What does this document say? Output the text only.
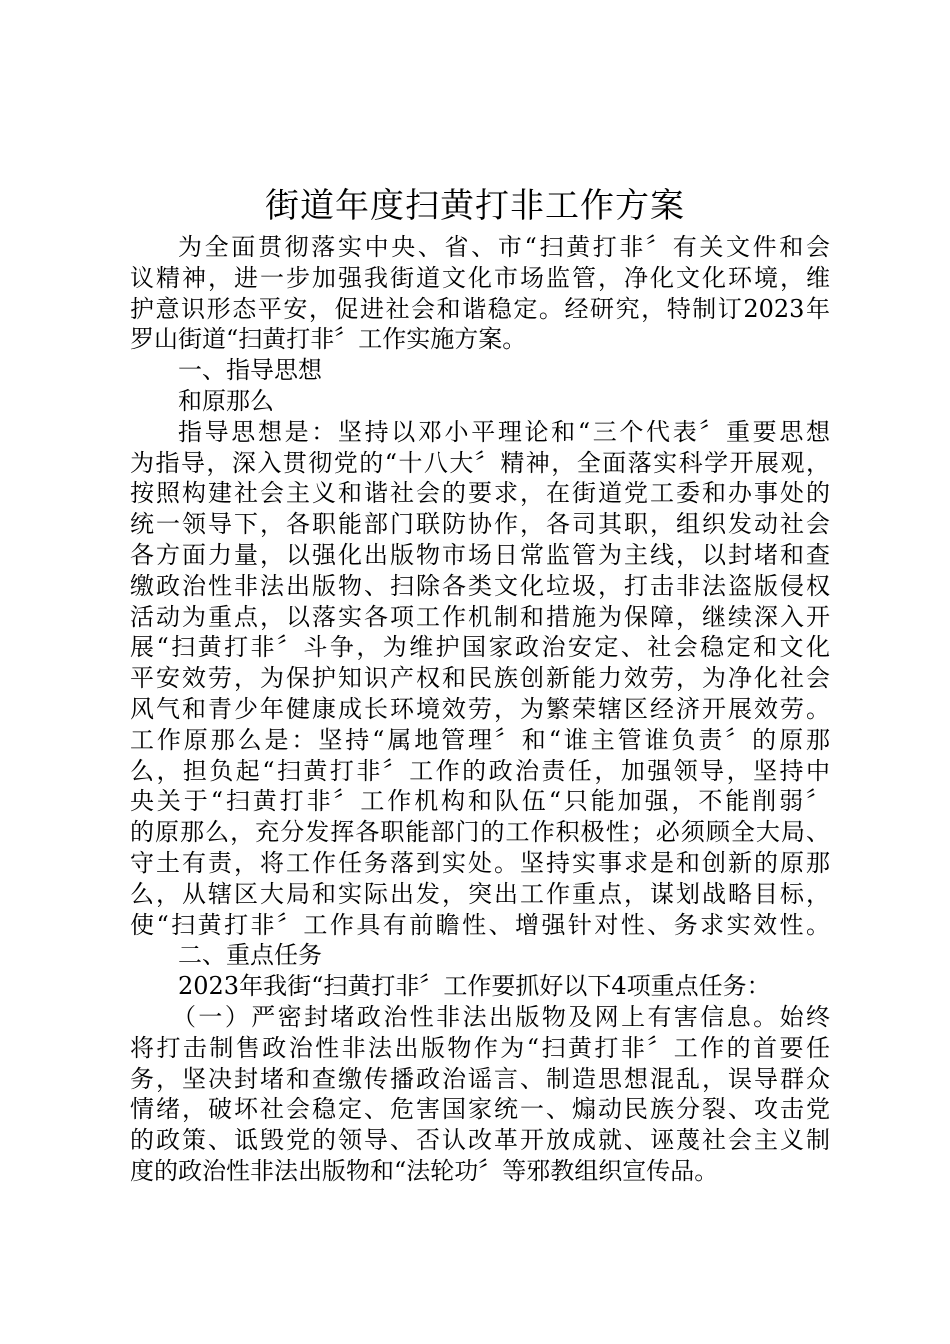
街道年度扫黄打非工作方案
为全面贯彻落实中央、省、市“扫黄打非〞有关文件和会
议精神，进一步加强我街道文化市场监管，净化文化环境，维
护意识形态平安，促进社会和谐稳定。经研究，特制订2023年
罗山街道“扫黄打非〞工作实施方案。
一、指导思想
和原那么
指导思想是：坚持以邓小平理论和“三个代表〞重要思想
为指导，深入贯彻党的“十八大〞精神，全面落实科学开展观，
按照构建社会主义和谐社会的要求，在街道党工委和办事处的
统一领导下，各职能部门联防协作，各司其职，组织发动社会
各方面力量，以强化出版物市场日常监管为主线，以封堵和查
缴政治性非法出版物、扫除各类文化垃圾，打击非法盗版侵权
活动为重点，以落实各项工作机制和措施为保障，继续深入开
展“扫黄打非〞斗争，为维护国家政治安定、社会稳定和文化
平安效劳，为保护知识产权和民族创新能力效劳，为净化社会
风气和青少年健康成长环境效劳，为繁荣辖区经济开展效劳。
工作原那么是：坚持“属地管理〞和“谁主管谁负责〞的原那
么，担负起“扫黄打非〞工作的政治责任，加强领导，坚持中
央关于“扫黄打非〞工作机构和队伍“只能加强，不能削弱〞
的原那么，充分发挥各职能部门的工作积极性；必须顾全大局、
守土有责，将工作任务落到实处。坚持实事求是和创新的原那
么，从辖区大局和实际出发，突出工作重点，谋划战略目标，
使“扫黄打非〞工作具有前瞻性、增强针对性、务求实效性。
二、重点任务
2023年我街“扫黄打非〞工作要抓好以下4项重点任务：
（一）严密封堵政治性非法出版物及网上有害信息。始终
将打击制售政治性非法出版物作为“扫黄打非〞工作的首要任
务，坚决封堵和查缴传播政治谣言、制造思想混乱，误导群众
情绪，破坏社会稳定、危害国家统一、煽动民族分裂、攻击党
的政策、诋毁党的领导、否认改革开放成就、诬蔑社会主义制
度的政治性非法出版物和“法轮功〞等邪教组织宣传品。
